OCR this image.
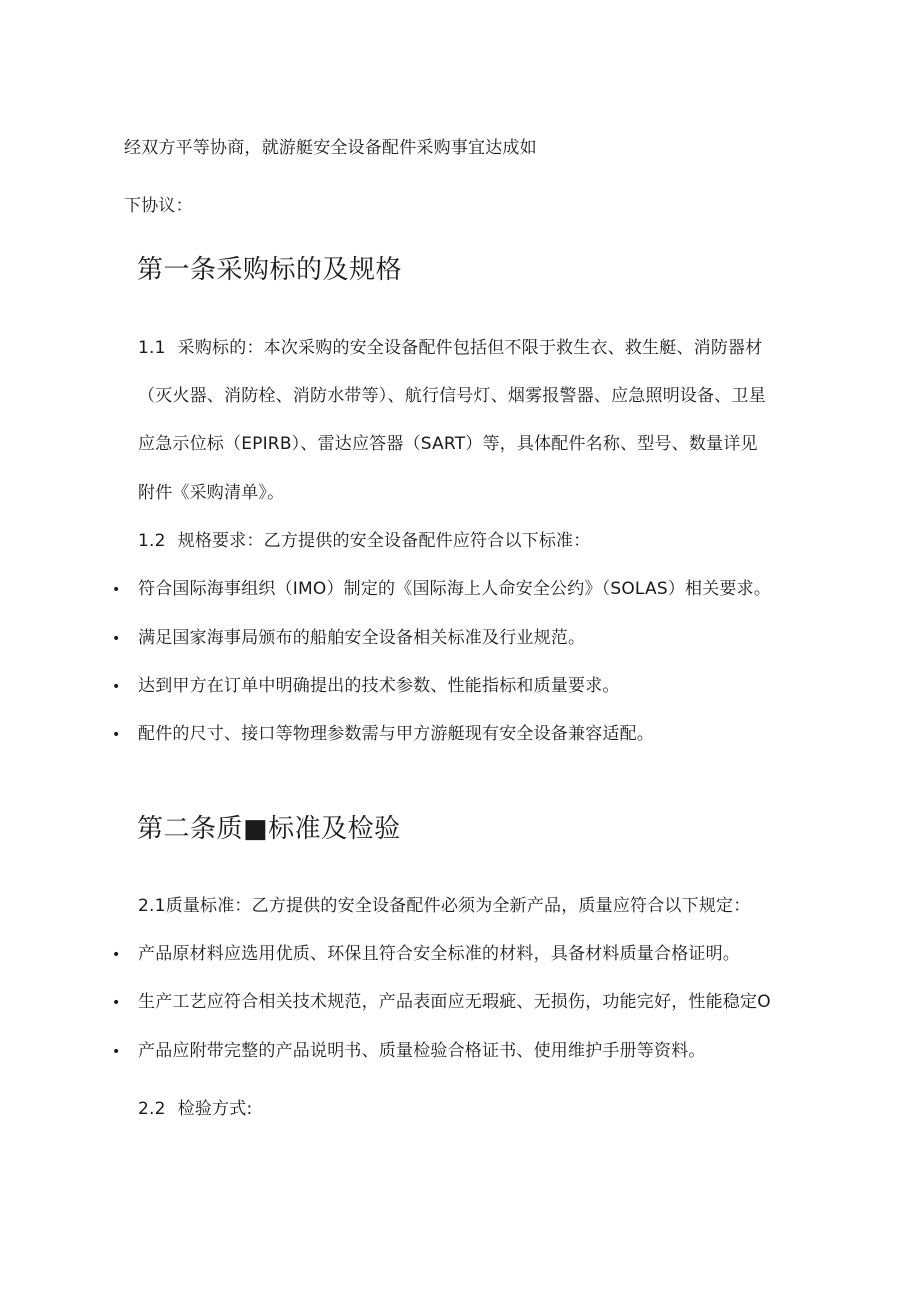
经双方平等协商，就游艇安全设备配件采购事宜达成如
下协议：
第一条采购标的及规格
1.1 采购标的：本次采购的安全设备配件包括但不限于救生衣、救生艇、消防器材
（灭火器、消防栓、消防水带等）、航行信号灯、烟雾报警器、应急照明设备、卫星
应急示位标（EPIRB）、雷达应答器（SART）等，具体配件名称、型号、数量详见
附件《采购清单》。
1.2 规格要求：乙方提供的安全设备配件应符合以下标准：
• 符合国际海事组织（IMO）制定的《国际海上人命安全公约》（SOLAS）相关要求。
• 满足国家海事局颁布的船舶安全设备相关标准及行业规范。
• 达到甲方在订单中明确提出的技术参数、性能指标和质量要求。
• 配件的尺寸、接口等物理参数需与甲方游艇现有安全设备兼容适配。
第二条质■标准及检验
2.1质量标准：乙方提供的安全设备配件必须为全新产品，质量应符合以下规定：
• 产品原材料应选用优质、环保且符合安全标准的材料，具备材料质量合格证明。
• 生产工艺应符合相关技术规范，产品表面应无瑕疵、无损伤，功能完好，性能稳定O
• 产品应附带完整的产品说明书、质量检验合格证书、使用维护手册等资料。
2.2 检验方式:
